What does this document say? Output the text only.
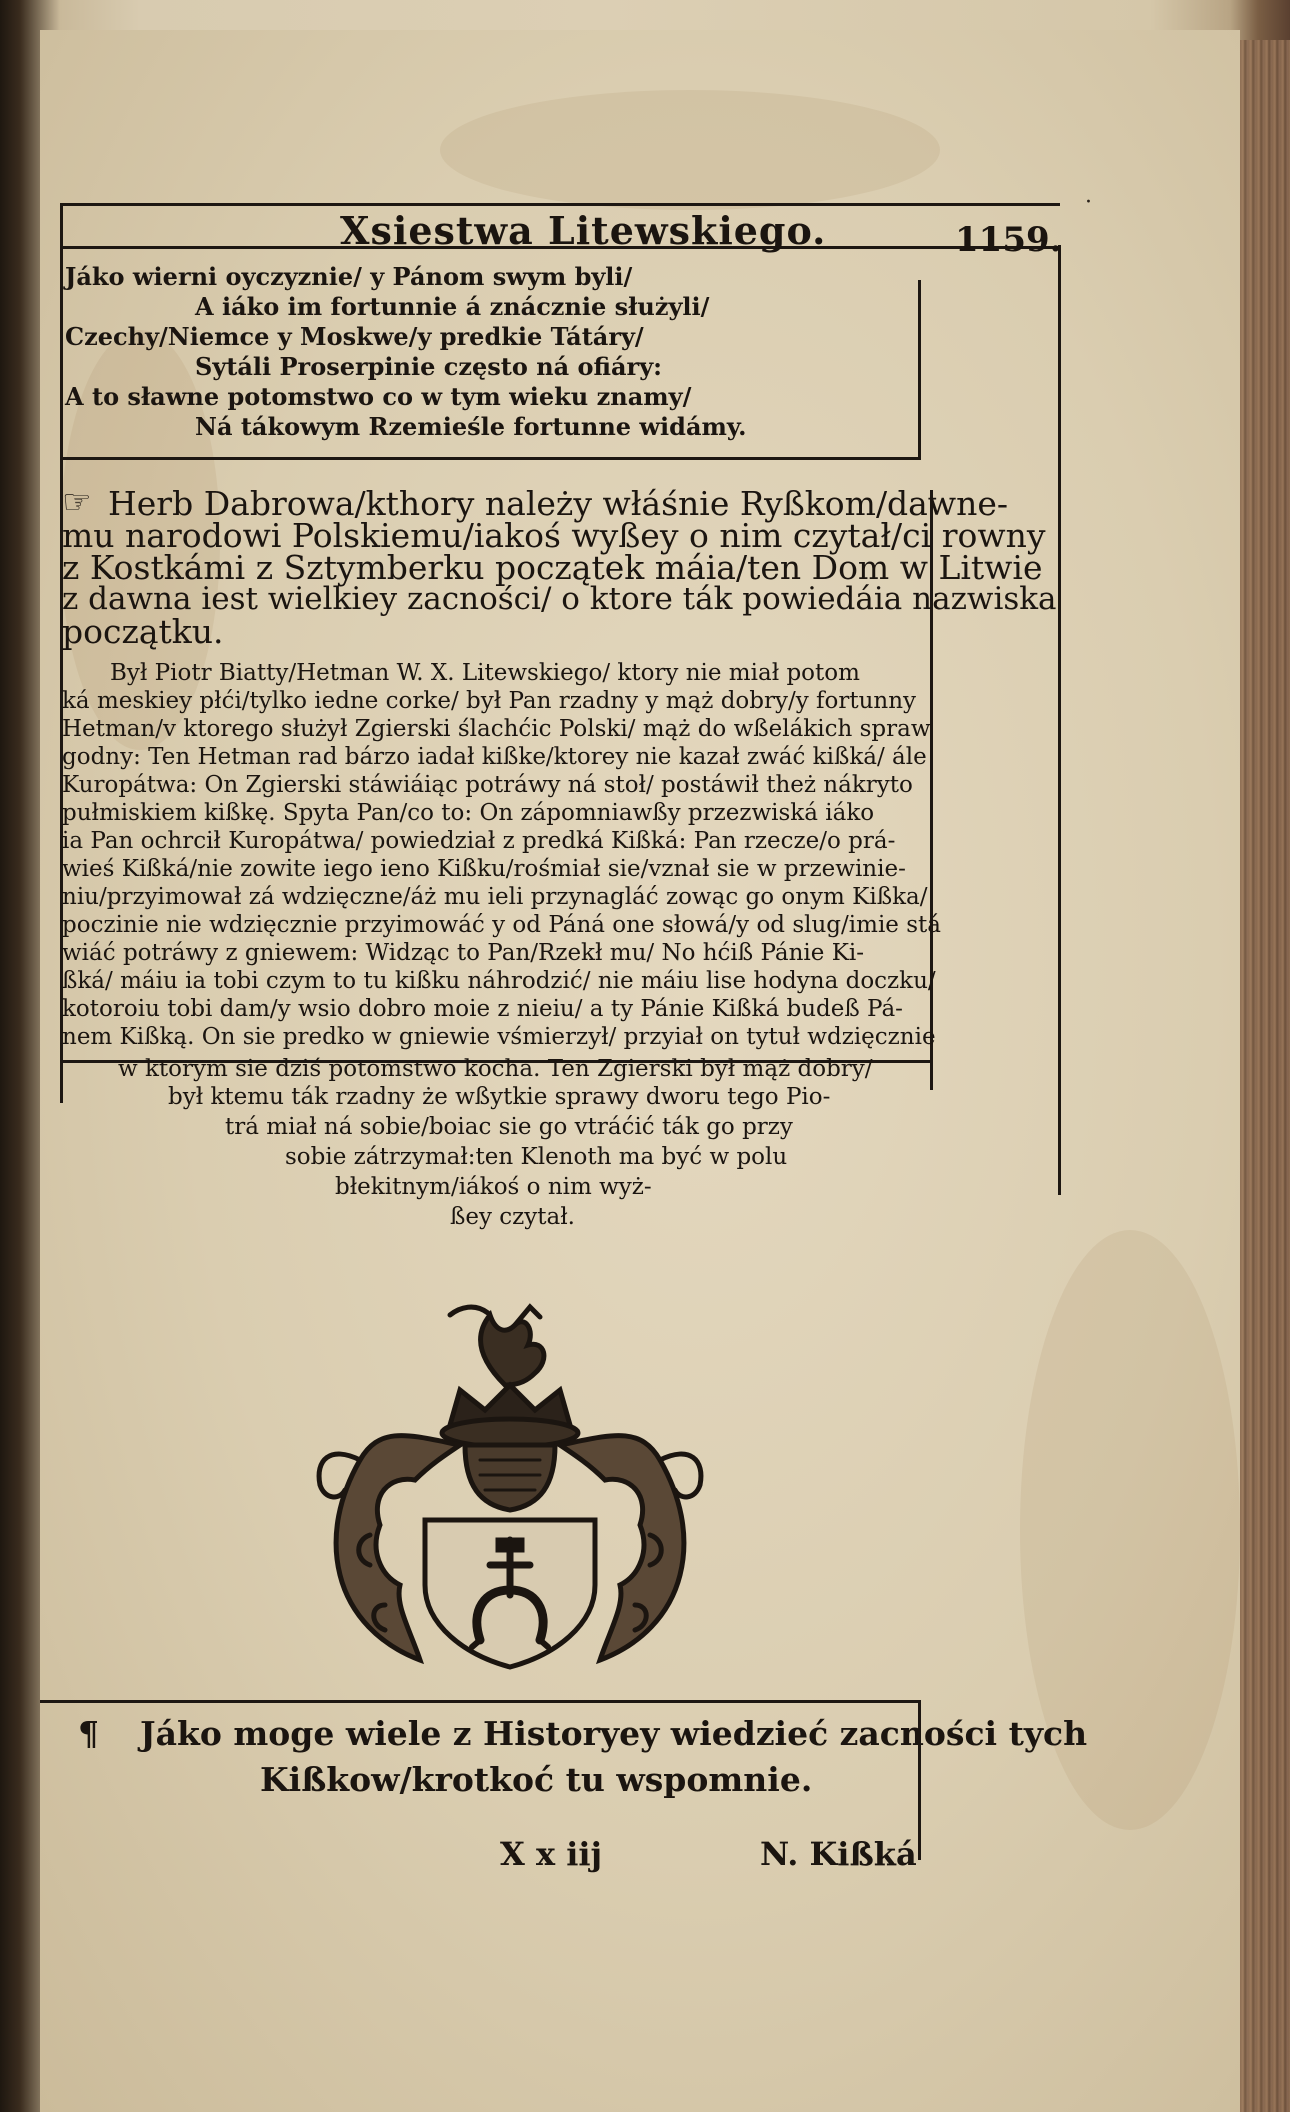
Xsiestwa Litewskiego.	1159.
·
Jáko wierni oyczyznie/ y Pánom swym byli/
A iáko im fortunnie á znácznie służyli/
Czechy/Niemce y Moskwe/y predkie Tátáry/
Sytáli Proserpinie często ná ofiáry:
A to sławne potomstwo co w tym wieku znamy/
Ná tákowym Rzemieśle fortunne widámy.
☞ Herb Dabrowa/kthory należy włáśnie Ryßkom/dawne-
mu narodowi Polskiemu/iakoś wyßey o nim czytał/ci rowny
z Kostkámi z Sztymberku początek máia/ten Dom w Litwie
z dawna iest wielkiey zacności/ o ktore ták powiedáia nazwiska
początku.
Był Piotr Biatty/Hetman W. X. Litewskiego/ ktory nie miał potom
ká meskiey płći/tylko iedne corke/ był Pan rzadny y mąż dobry/y fortunny
Hetman/v ktorego służył Zgierski ślachćic Polski/ mąż do wßelákich spraw
godny: Ten Hetman rad bárzo iadał kißke/ktorey nie kazał zwáć kißká/ ále
Kuropátwa: On Zgierski stáwiáiąc potráwy ná stoł/ postáwił theż nákryto
pułmiskiem kißkę. Spyta Pan/co to: On zápomniawßy przezwiská iáko
ia Pan ochrcił Kuropátwa/ powiedział z predká Kißká: Pan rzecze/o prá-
wieś Kißká/nie zowite iego ieno Kißku/rośmiał sie/vznał sie w przewinie-
niu/przyimował zá wdzięczne/áż mu ieli przynagláć zowąc go onym Kißka/
poczinie nie wdzięcznie przyimowáć y od Páná one słowá/y od slug/imie stá
wiáć potráwy z gniewem: Widząc to Pan/Rzekł mu/ No hćiß Pánie Ki-
ßká/ máiu ia tobi czym to tu kißku náhrodzić/ nie máiu lise hodyna doczku/
kotoroiu tobi dam/y wsio dobro moie z nieiu/ a ty Pánie Kißká budeß Pá-
nem Kißką. On sie predko w gniewie vśmierzył/ przyiał on tytuł wdzięcznie
w ktorym sie dziś potomstwo kocha. Ten Zgierski był mąż dobry/
był ktemu ták rzadny że wßytkie sprawy dworu tego Pio-
trá miał ná sobie/boiac sie go vtráćić ták go przy
sobie zátrzymał:ten Klenoth ma być w polu
błekitnym/iákoś o nim wyż-
ßey czytał.
¶ Jáko moge wiele z Historyey wiedzieć zacności tych
Kißkow/krotkoć tu wspomnie.
X x iij	N. Kißká
